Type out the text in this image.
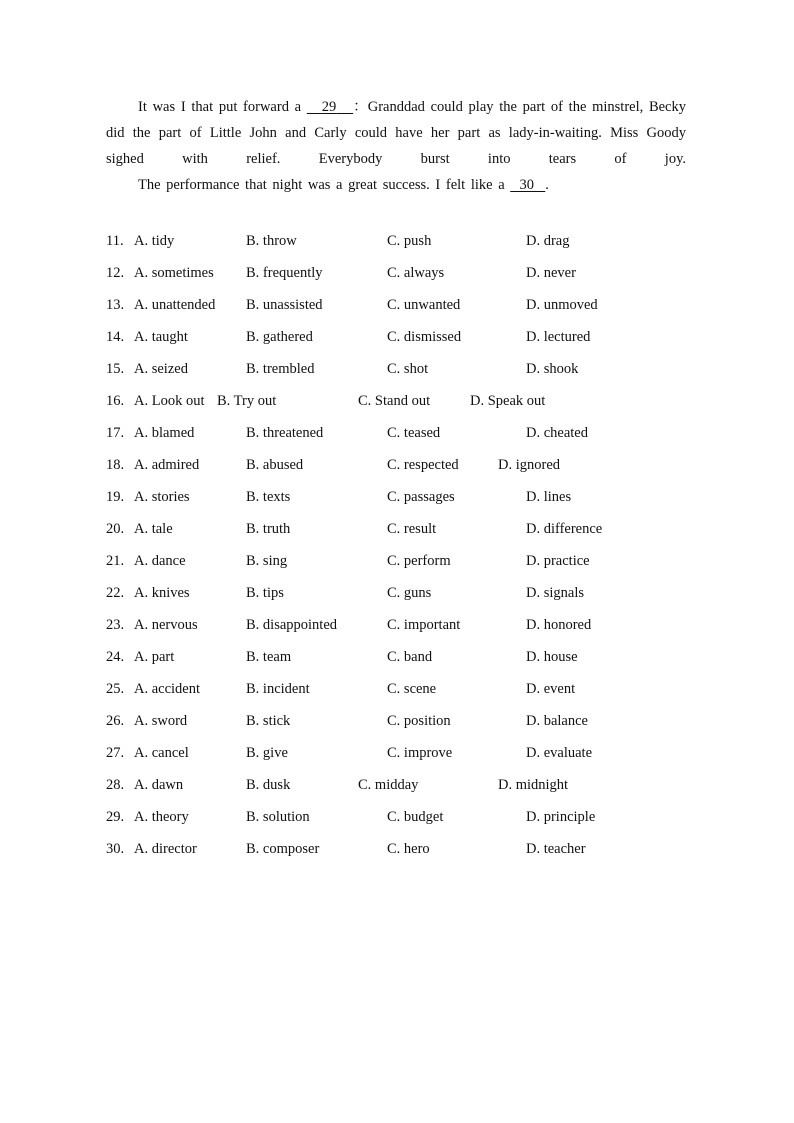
It was I that put forward a 29 ：Granddad could play the part of the minstrel, Becky did the part of Little John and Carly could have her part as lady-in-waiting. Miss Goody sighed with relief. Everybody burst into tears of joy.
The performance that night was a great success. I felt like a 30 .
11. A. tidy	B. throw	C. push	D. drag
12. A. sometimes B. frequently	C. always	D. never
13. A. unattended B. unassisted	C. unwanted	D. unmoved
14. A. taught	B. gathered	C. dismissed	D. lectured
15. A. seized	B. trembled	C. shot	D. shook
16. A. Look out B. Try out	C. Stand out	D. Speak out
17. A. blamed	B. threatened	C. teased	D. cheated
18. A. admired	B. abused	C. respected	D. ignored
19. A. stories	B. texts	C. passages	D. lines
20. A. tale	B. truth	C. result	D. difference
21. A. dance	B. sing	C. perform	D. practice
22. A. knives	B. tips	C. guns	D. signals
23. A. nervous	B. disappointed	C. important	D. honored
24. A. part	B. team	C. band	D. house
25. A. accident	B. incident	C. scene	D. event
26. A. sword	B. stick	C. position	D. balance
27. A. cancel	B. give	C. improve	D. evaluate
28. A. dawn	B. dusk	C. midday	D. midnight
29. A. theory	B. solution	C. budget	D. principle
30. A. director	B. composer	C. hero	D. teacher
